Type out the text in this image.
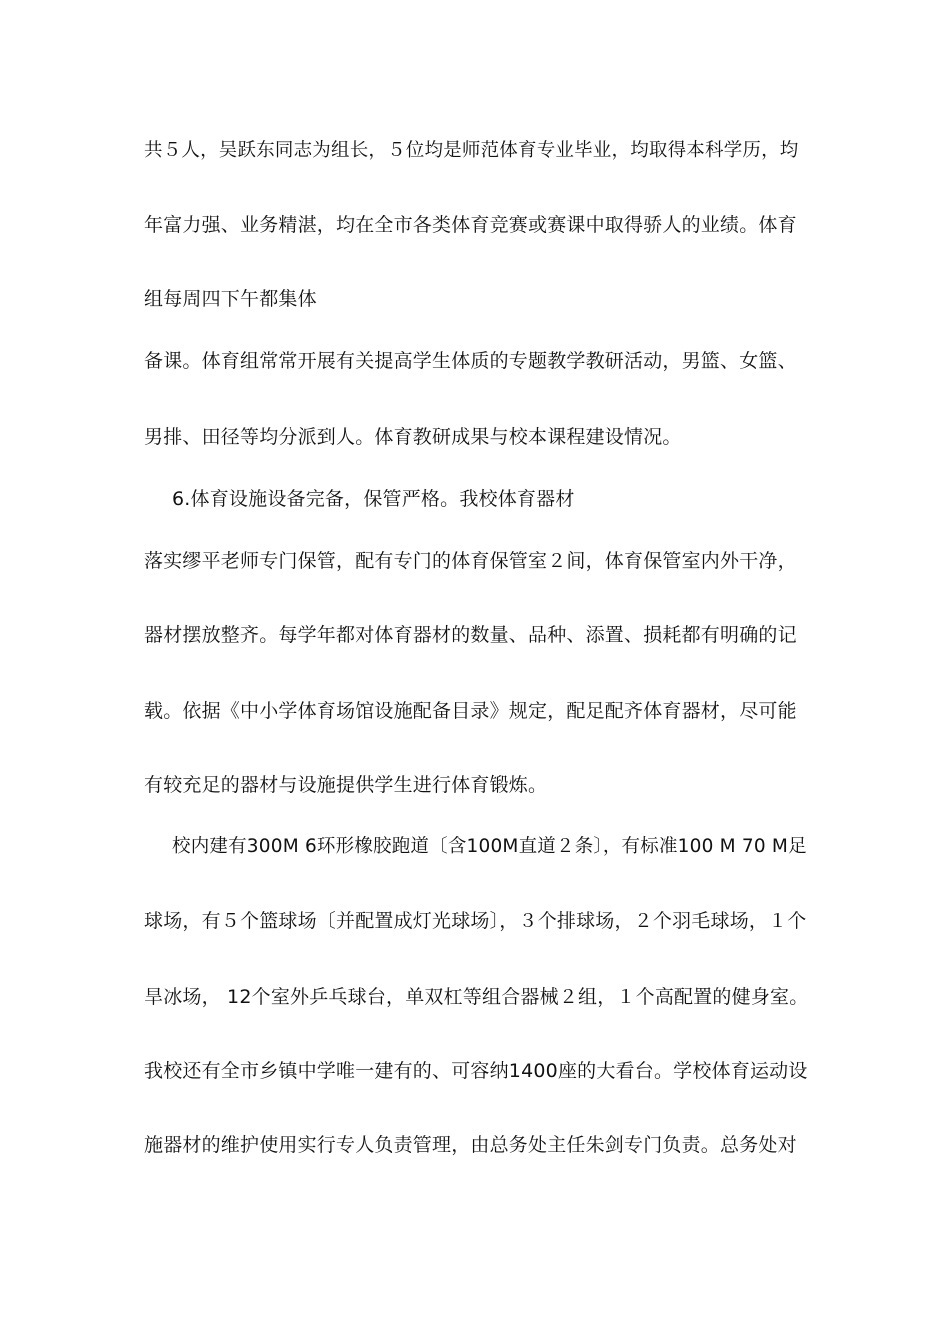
共５人，吴跃东同志为组长，５位均是师范体育专业毕业，均取得本科学历，均
年富力强、业务精湛，均在全市各类体育竞赛或赛课中取得骄人的业绩。体育
组每周四下午都集体
备课。体育组常常开展有关提高学生体质的专题教学教研活动，男篮、女篮、
男排、田径等均分派到人。体育教研成果与校本课程建设情况。
6.体育设施设备完备，保管严格。我校体育器材
落实缪平老师专门保管，配有专门的体育保管室２间，体育保管室内外干净，
器材摆放整齐。每学年都对体育器材的数量、品种、添置、损耗都有明确的记
载。依据《中小学体育场馆设施配备目录》规定，配足配齐体育器材，尽可能
有较充足的器材与设施提供学生进行体育锻炼。
校内建有300M 6环形橡胶跑道〔含100M直道２条〕，有标准100 M 70 M足
球场，有５个篮球场〔并配置成灯光球场〕，３个排球场，２个羽毛球场，１个
旱冰场， 12个室外乒乓球台，单双杠等组合器械２组，１个高配置的健身室。
我校还有全市乡镇中学唯一建有的、可容纳1400座的大看台。学校体育运动设
施器材的维护使用实行专人负责管理，由总务处主任朱剑专门负责。总务处对
